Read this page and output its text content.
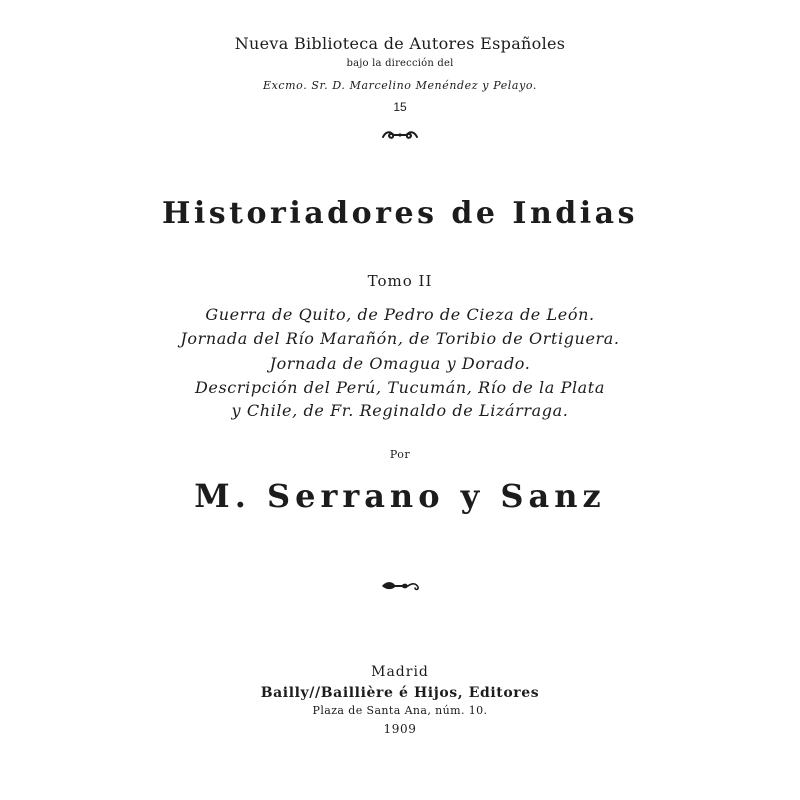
Nueva Biblioteca de Autores Españoles
bajo la dirección del
Excmo. Sr. D. Marcelino Menéndez y Pelayo.
15
Historiadores de Indias
Tomo II
Guerra de Quito, de Pedro de Cieza de León.
Jornada del Río Marañón, de Toribio de Ortiguera.
Jornada de Omagua y Dorado.
Descripción del Perú, Tucumán, Río de la Plata
y Chile, de Fr. Reginaldo de Lizárraga.
Por
M. Serrano y Sanz
Madrid
Bailly//Baillière é Hijos, Editores
Plaza de Santa Ana, núm. 10.
1909
